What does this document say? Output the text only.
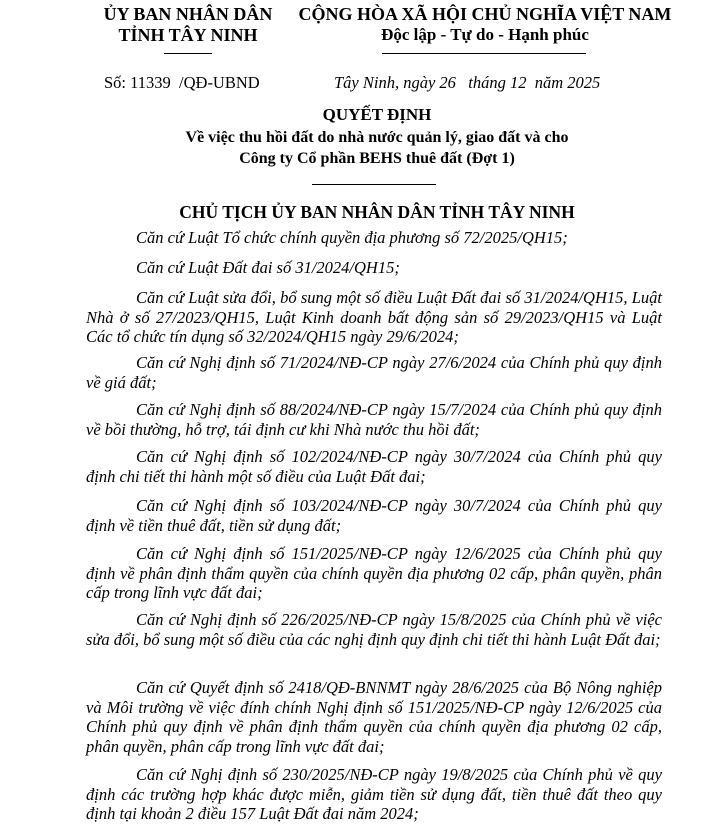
ỦY BAN NHÂN DÂN
TỈNH TÂY NINH
CỘNG HÒA XÃ HỘI CHỦ NGHĨA VIỆT NAM
Độc lập - Tự do - Hạnh phúc
Số: 11339  /QĐ-UBND	Tây Ninh, ngày 26   tháng 12  năm 2025
QUYẾT ĐỊNH
Về việc thu hồi đất do nhà nước quản lý, giao đất và cho
Công ty Cổ phần BEHS thuê đất (Đợt 1)
CHỦ TỊCH ỦY BAN NHÂN DÂN TỈNH TÂY NINH
Căn cứ Luật Tổ chức chính quyền địa phương số 72/2025/QH15;
Căn cứ Luật Đất đai số 31/2024/QH15;
Căn cứ Luật sửa đổi, bổ sung một số điều Luật Đất đai số 31/2024/QH15, Luật Nhà ở số 27/2023/QH15, Luật Kinh doanh bất động sản số 29/2023/QH15 và Luật Các tổ chức tín dụng số 32/2024/QH15 ngày 29/6/2024;
Căn cứ Nghị định số 71/2024/NĐ-CP ngày 27/6/2024 của Chính phủ quy định về giá đất;
Căn cứ Nghị định số 88/2024/NĐ-CP ngày 15/7/2024 của Chính phủ quy định về bồi thường, hỗ trợ, tái định cư khi Nhà nước thu hồi đất;
Căn cứ Nghị định số 102/2024/NĐ-CP ngày 30/7/2024 của Chính phủ quy định chi tiết thi hành một số điều của Luật Đất đai;
Căn cứ Nghị định số 103/2024/NĐ-CP ngày 30/7/2024 của Chính phủ quy định về tiền thuê đất, tiền sử dụng đất;
Căn cứ Nghị định số 151/2025/NĐ-CP ngày 12/6/2025 của Chính phủ quy định về phân định thẩm quyền của chính quyền địa phương 02 cấp, phân quyền, phân cấp trong lĩnh vực đất đai;
Căn cứ Nghị định số 226/2025/NĐ-CP ngày 15/8/2025 của Chính phủ về việc sửa đổi, bổ sung một số điều của các nghị định quy định chi tiết thi hành Luật Đất đai;
Căn cứ Quyết định số 2418/QĐ-BNNMT ngày 28/6/2025 của Bộ Nông nghiệp và Môi trường về việc đính chính Nghị định số 151/2025/NĐ-CP ngày 12/6/2025 của Chính phủ quy định về phân định thẩm quyền của chính quyền địa phương 02 cấp, phân quyền, phân cấp trong lĩnh vực đất đai;
Căn cứ Nghị định số 230/2025/NĐ-CP ngày 19/8/2025 của Chính phủ về quy định các trường hợp khác được miễn, giảm tiền sử dụng đất, tiền thuê đất theo quy định tại khoản 2 điều 157 Luật Đất đai năm 2024;
